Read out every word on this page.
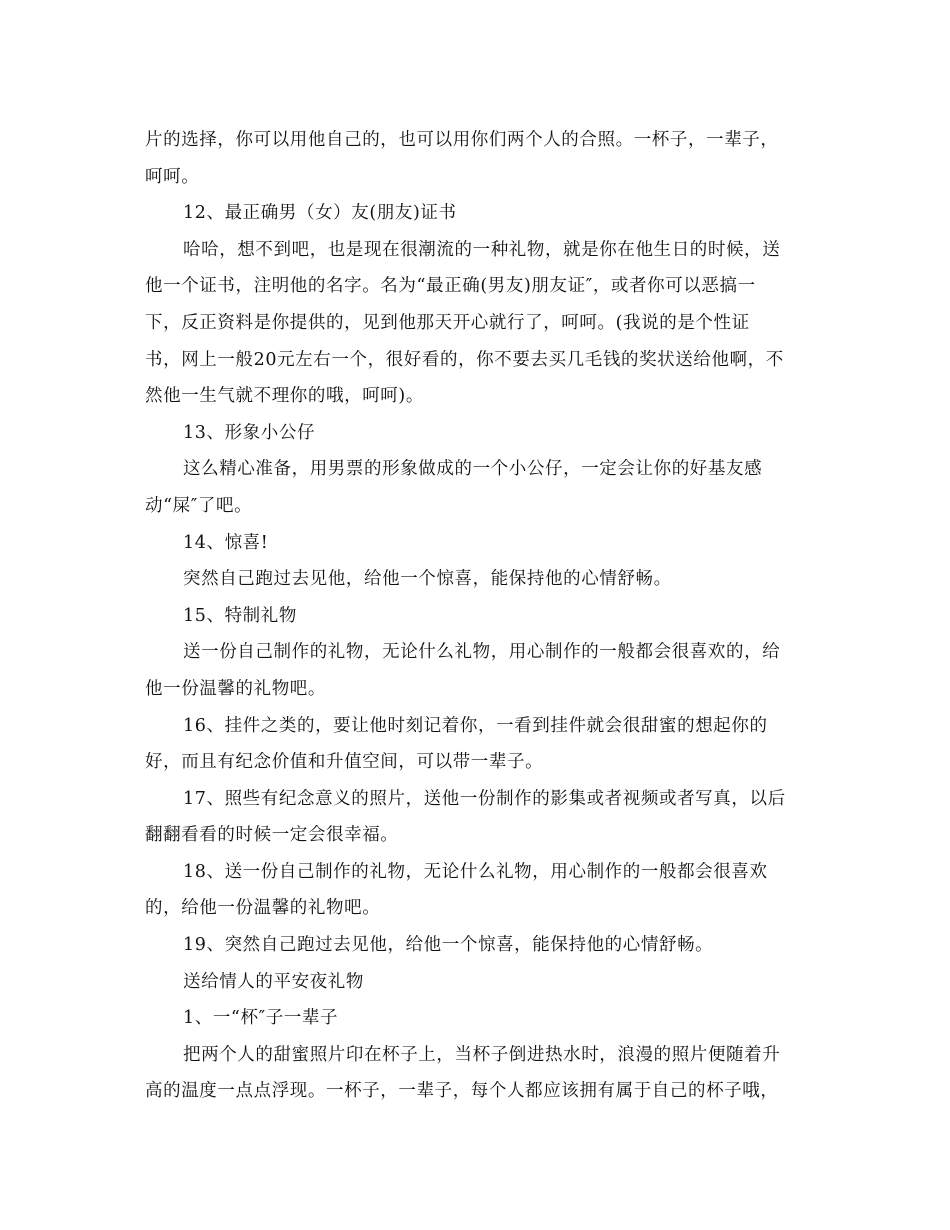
片的选择，你可以用他自己的，也可以用你们两个人的合照。一杯子，一辈子，
呵呵。
12、最正确男（女）友(朋友)证书
哈哈，想不到吧，也是现在很潮流的一种礼物，就是你在他生日的时候，送
他一个证书，注明他的名字。名为“最正确(男友)朋友证″，或者你可以恶搞一
下，反正资料是你提供的，见到他那天开心就行了，呵呵。(我说的是个性证
书，网上一般20元左右一个，很好看的，你不要去买几毛钱的奖状送给他啊，不
然他一生气就不理你的哦，呵呵)。
13、形象小公仔
这么精心准备，用男票的形象做成的一个小公仔，一定会让你的好基友感
动“屎″了吧。
14、惊喜!
突然自己跑过去见他，给他一个惊喜，能保持他的心情舒畅。
15、特制礼物
送一份自己制作的礼物，无论什么礼物，用心制作的一般都会很喜欢的，给
他一份温馨的礼物吧。
16、挂件之类的，要让他时刻记着你，一看到挂件就会很甜蜜的想起你的
好，而且有纪念价值和升值空间，可以带一辈子。
17、照些有纪念意义的照片，送他一份制作的影集或者视频或者写真，以后
翻翻看看的时候一定会很幸福。
18、送一份自己制作的礼物，无论什么礼物，用心制作的一般都会很喜欢
的，给他一份温馨的礼物吧。
19、突然自己跑过去见他，给他一个惊喜，能保持他的心情舒畅。
送给情人的平安夜礼物
1、一“杯″子一辈子
把两个人的甜蜜照片印在杯子上，当杯子倒进热水时，浪漫的照片便随着升
高的温度一点点浮现。一杯子，一辈子，每个人都应该拥有属于自己的杯子哦，
